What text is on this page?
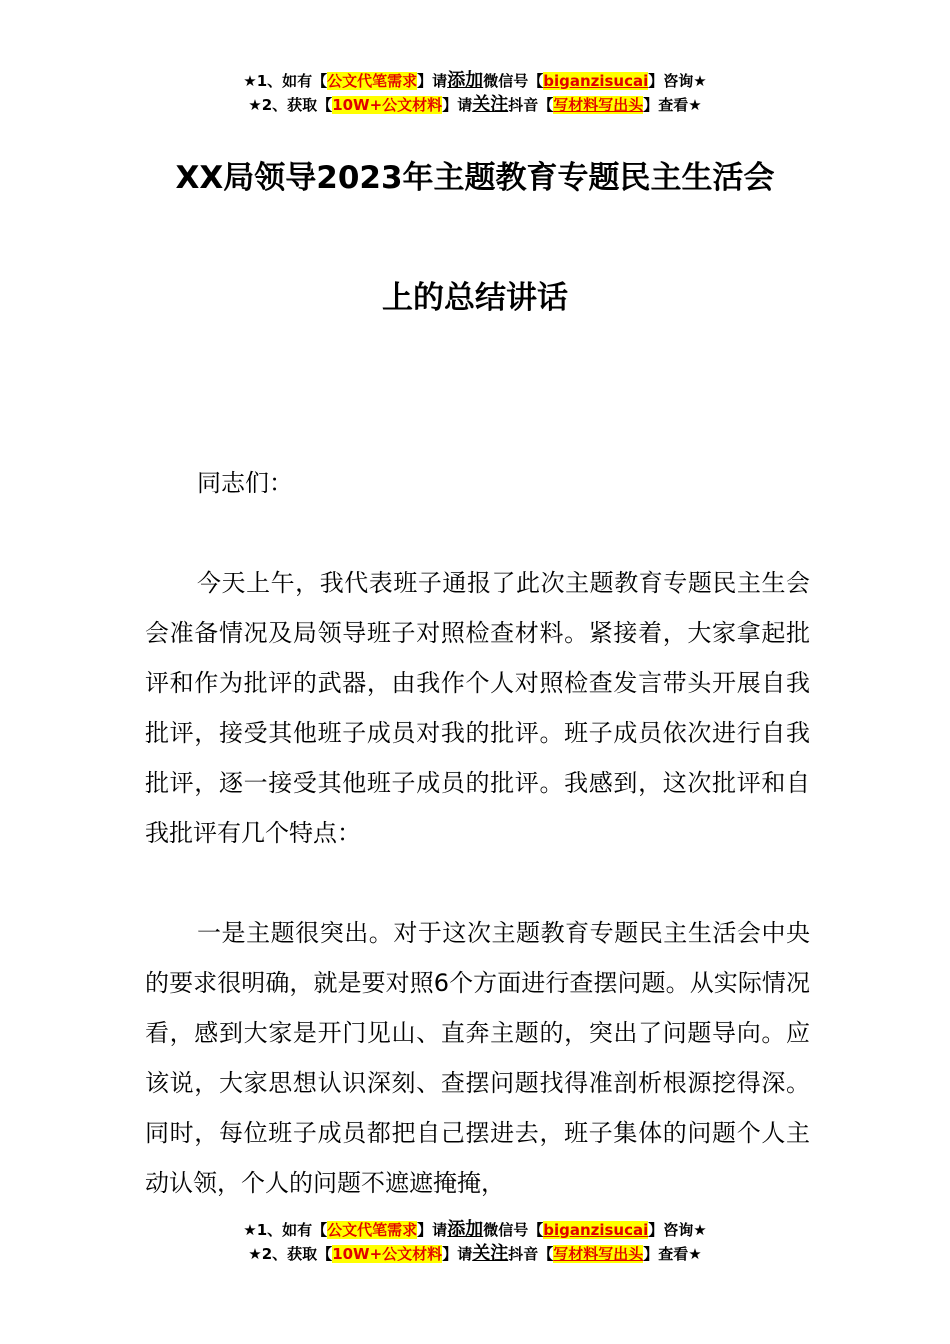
★1、如有【公文代笔需求】请添加微信号【biganzisucai】咨询★
★2、获取【10W+公文材料】请关注抖音【写材料写出头】查看★
XX局领导2023年主题教育专题民主生活会
上的总结讲话

同志们：

今天上午，我代表班子通报了此次主题教育专题民主生会会准备情况及局领导班子对照检查材料。紧接着，大家拿起批评和作为批评的武器，由我作个人对照检查发言带头开展自我批评，接受其他班子成员对我的批评。班子成员依次进行自我批评，逐一接受其他班子成员的批评。我感到，这次批评和自我批评有几个特点：

一是主题很突出。对于这次主题教育专题民主生活会中央的要求很明确，就是要对照6个方面进行查摆问题。从实际情况看，感到大家是开门见山、直奔主题的，突出了问题导向。应该说，大家思想认识深刻、查摆问题找得准剖析根源挖得深。同时，每位班子成员都把自己摆进去，班子集体的问题个人主动认领，个人的问题不遮遮掩掩，

★1、如有【公文代笔需求】请添加微信号【biganzisucai】咨询★
★2、获取【10W+公文材料】请关注抖音【写材料写出头】查看★
